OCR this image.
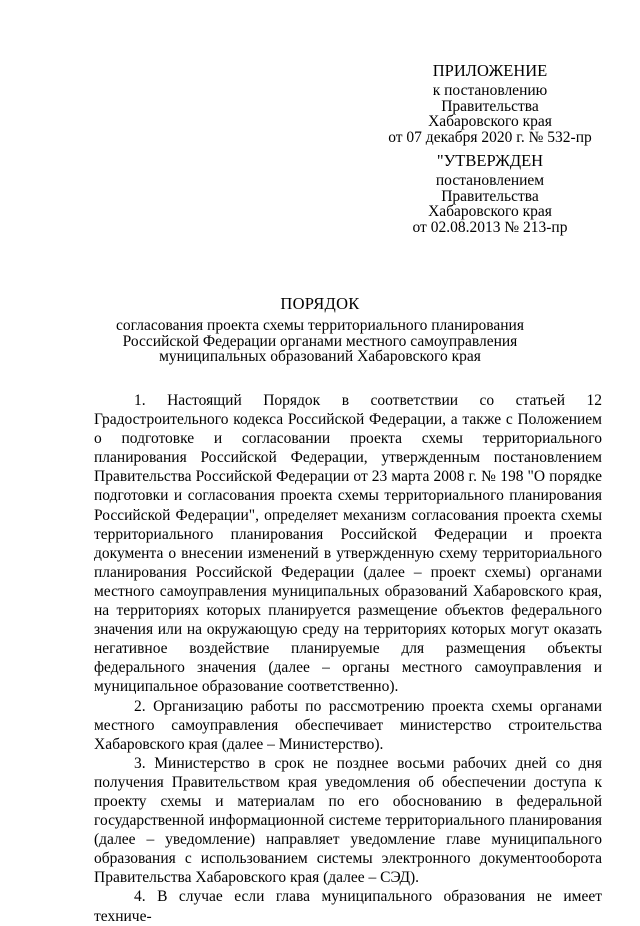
ПРИЛОЖЕНИЕ
к постановлению
Правительства
Хабаровского края
от 07 декабря 2020 г. № 532-пр
"УТВЕРЖДЕН
постановлением
Правительства
Хабаровского края
от 02.08.2013 № 213-пр
ПОРЯДОК
согласования проекта схемы территориального планирования
Российской Федерации органами местного самоуправления
муниципальных образований Хабаровского края

1. Настоящий Порядок в соответствии со статьей 12 Градостроительного кодекса Российской Федерации, а также с Положением о подготовке и согласовании проекта схемы территориального планирования Российской Федерации, утвержденным постановлением Правительства Российской Федерации от 23 марта 2008 г. № 198 "О порядке подготовки и согласования проекта схемы территориального планирования Российской Федерации", определяет механизм согласования проекта схемы территориального планирования Российской Федерации и проекта документа о внесении изменений в утвержденную схему территориального планирования Российской Федерации (далее – проект схемы) органами местного самоуправления муниципальных образований Хабаровского края, на территориях которых планируется размещение объектов федерального значения или на окружающую среду на территориях которых могут оказать негативное воздействие планируемые для размещения объекты федерального значения (далее – органы местного самоуправления и муниципальное образование соответственно).

2. Организацию работы по рассмотрению проекта схемы органами местного самоуправления обеспечивает министерство строительства Хабаровского края (далее – Министерство).

3. Министерство в срок не позднее восьми рабочих дней со дня получения Правительством края уведомления об обеспечении доступа к проекту схемы и материалам по его обоснованию в федеральной государственной информационной системе территориального планирования (далее – уведомление) направляет уведомление главе муниципального образования с использованием системы электронного документооборота Правительства Хабаровского края (далее – СЭД).

4. В случае если глава муниципального образования не имеет техниче-
